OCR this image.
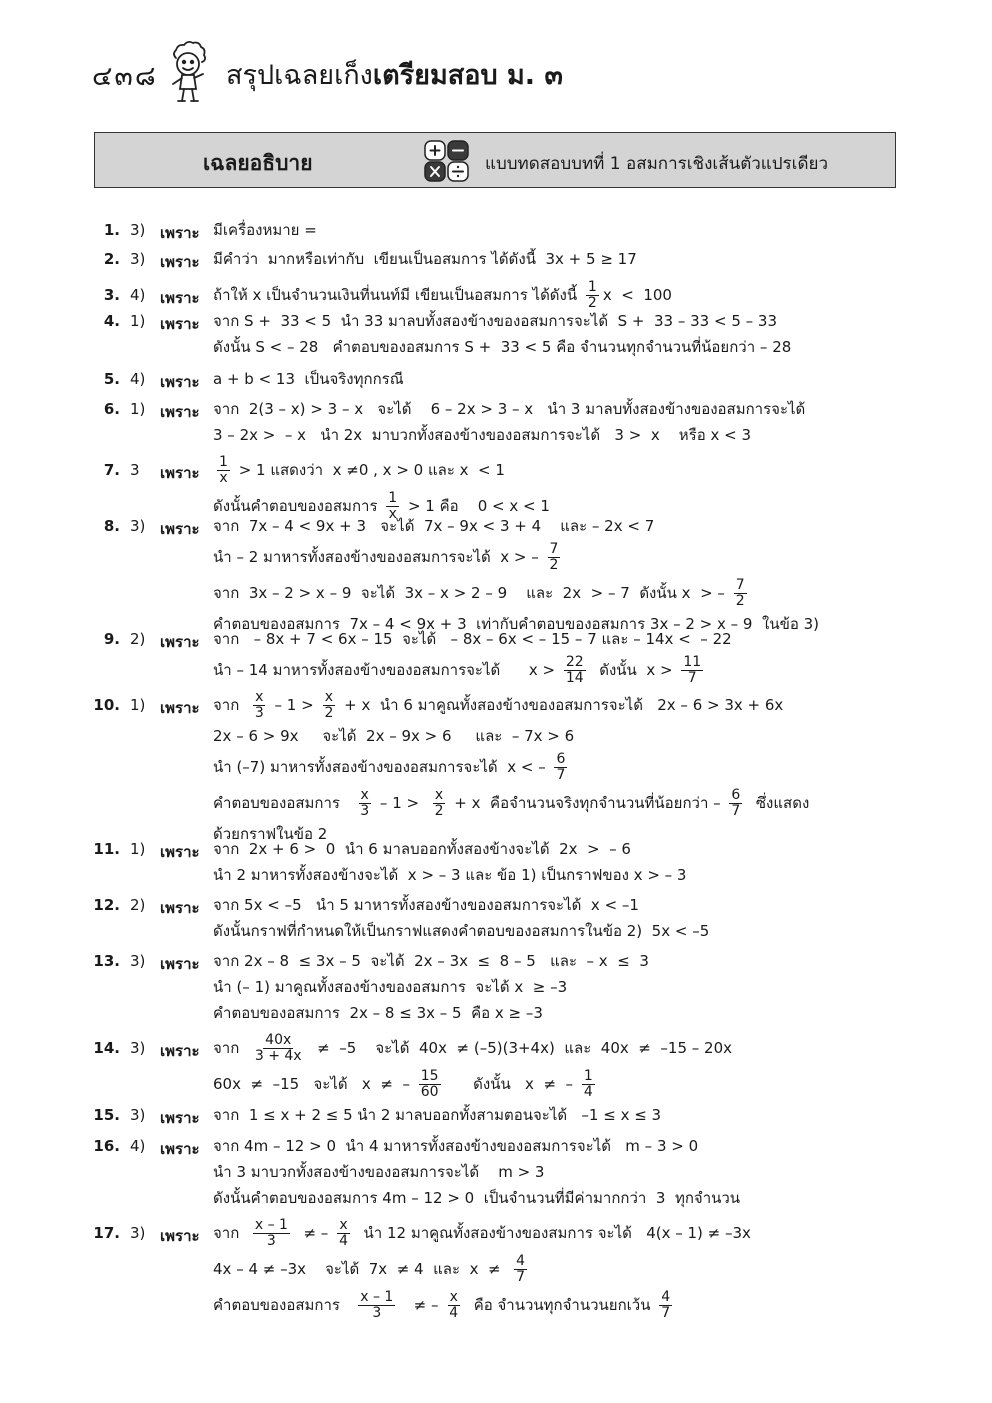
๔๓๘	สรุปเฉลยเก็งเตรียมสอบ ม. ๓
เฉลยอธิบาย	แบบทดสอบบทที่ 1 อสมการเชิงเส้นตัวแปรเดียว
1. 3) เพราะ มีเครื่องหมาย =
2. 3) เพราะ มีคำว่า  มากหรือเท่ากับ  เขียนเป็นอสมการ ได้ดังนี้  3x + 5 ≥ 17
3. 4) เพราะ ถ้าให้ x เป็นจำนวนเงินที่นนท์มี เขียนเป็นอสมการ ได้ดังนี้ $\frac{1}{2}$ x  <  100
4. 1) เพราะ จาก S +  33 < 5  นำ 33 มาลบทั้งสองข้างของอสมการจะได้  S +  33 – 33 < 5 – 33
ดังนั้น S < – 28   คำตอบของอสมการ S +  33 < 5 คือ จำนวนทุกจำนวนที่น้อยกว่า – 28
5. 4) เพราะ a + b < 13  เป็นจริงทุกกรณี
6. 1) เพราะ จาก  2(3 – x) > 3 – x   จะได้    6 – 2x > 3 – x   นำ 3 มาลบทั้งสองข้างของอสมการจะได้
3 – 2x >  – x   นำ 2x  มาบวกทั้งสองข้างของอสมการจะได้   3 >  x    หรือ x < 3
7. 3 เพราะ $\frac{1}{x} > 1$ แสดงว่า  x ≠0 , x > 0 และ x  < 1
ดังนั้นคำตอบของอสมการ $\frac{1}{x} > 1$ คือ    0 < x < 1
8. 3) เพราะ จาก  7x – 4 < 9x + 3   จะได้  7x – 9x < 3 + 4    และ – 2x < 7
นำ – 2 มาหารทั้งสองข้างของอสมการจะได้  x > – $\frac{7}{2}$
จาก  3x – 2 > x – 9  จะได้  3x – x > 2 – 9    และ  2x  > – 7  ดังนั้น x  > – $\frac{7}{2}$
คำตอบของอสมการ  7x – 4 < 9x + 3  เท่ากับคำตอบของอสมการ 3x – 2 > x – 9  ในข้อ 3)
9. 2) เพราะ จาก   – 8x + 7 < 6x – 15  จะได้   – 8x – 6x < – 15 – 7 และ – 14x <  – 22
นำ – 14 มาหารทั้งสองข้างของอสมการจะได้      $x > \frac{22}{14}$ ดังนั้น  $x > \frac{11}{7}$
10. 1) เพราะ จาก $\frac{x}{3} - 1 > \frac{x}{2} + x$  นำ 6 มาคูณทั้งสองข้างของอสมการจะได้   2x – 6 > 3x + 6x
2x – 6 > 9x     จะได้  2x – 9x > 6     และ  – 7x > 6
นำ (–7) มาหารทั้งสองข้างของอสมการจะได้  x < – $\frac{6}{7}$
คำตอบของอสมการ $\frac{x}{3} - 1 > \frac{x}{2} + x$  คือจำนวนจริงทุกจำนวนที่น้อยกว่า – $\frac{6}{7}$ ซึ่งแสดง
ด้วยกราฟในข้อ 2
11. 1) เพราะ จาก  2x + 6 >  0  นำ 6 มาลบออกทั้งสองข้างจะได้  2x  >  – 6
นำ 2 มาหารทั้งสองข้างจะได้  x > – 3 และ ข้อ 1) เป็นกราฟของ x > – 3
12. 2) เพราะ จาก 5x < –5   นำ 5 มาหารทั้งสองข้างของอสมการจะได้  x < –1
ดังนั้นกราฟที่กำหนดให้เป็นกราฟแสดงคำตอบของอสมการในข้อ 2)  5x < –5
13. 3) เพราะ จาก 2x – 8  ≤ 3x – 5  จะได้  2x – 3x  ≤  8 – 5   และ  – x  ≤  3
นำ (– 1) มาคูณทั้งสองข้างของอสมการ  จะได้ x  ≥ –3
คำตอบของอสมการ  2x – 8 ≤ 3x – 5  คือ x ≥ –3
14. 3) เพราะ จาก $\frac{40x}{3 + 4x} \ne -5$    จะได้  40x  ≠ (–5)(3+4x)  และ  40x  ≠  –15 – 20x
60x  ≠  –15   จะได้   x  ≠  – $\frac{15}{60}$ ดังนั้น   x  ≠  – $\frac{1}{4}$
15. 3) เพราะ จาก  1 ≤ x + 2 ≤ 5 นำ 2 มาลบออกทั้งสามตอนจะได้   –1 ≤ x ≤ 3
16. 4) เพราะ จาก 4m – 12 > 0  นำ 4 มาหารทั้งสองข้างของอสมการจะได้   m – 3 > 0
นำ 3 มาบวกทั้งสองข้างของอสมการจะได้    m > 3
ดังนั้นคำตอบของอสมการ 4m – 12 > 0  เป็นจำนวนที่มีค่ามากกว่า  3  ทุกจำนวน
17. 3) เพราะ จาก $\frac{x - 1}{3}$ ≠ – $\frac{x}{4}$ นำ 12 มาคูณทั้งสองข้างของสมการ จะได้   4(x – 1) ≠ –3x
4x – 4 ≠ –3x    จะได้  7x  ≠ 4  และ  $x \ne \frac{4}{7}$
คำตอบของอสมการ $\frac{x - 1}{3}$ ≠ – $\frac{x}{4}$ คือ จำนวนทุกจำนวนยกเว้น $\frac{4}{7}$
